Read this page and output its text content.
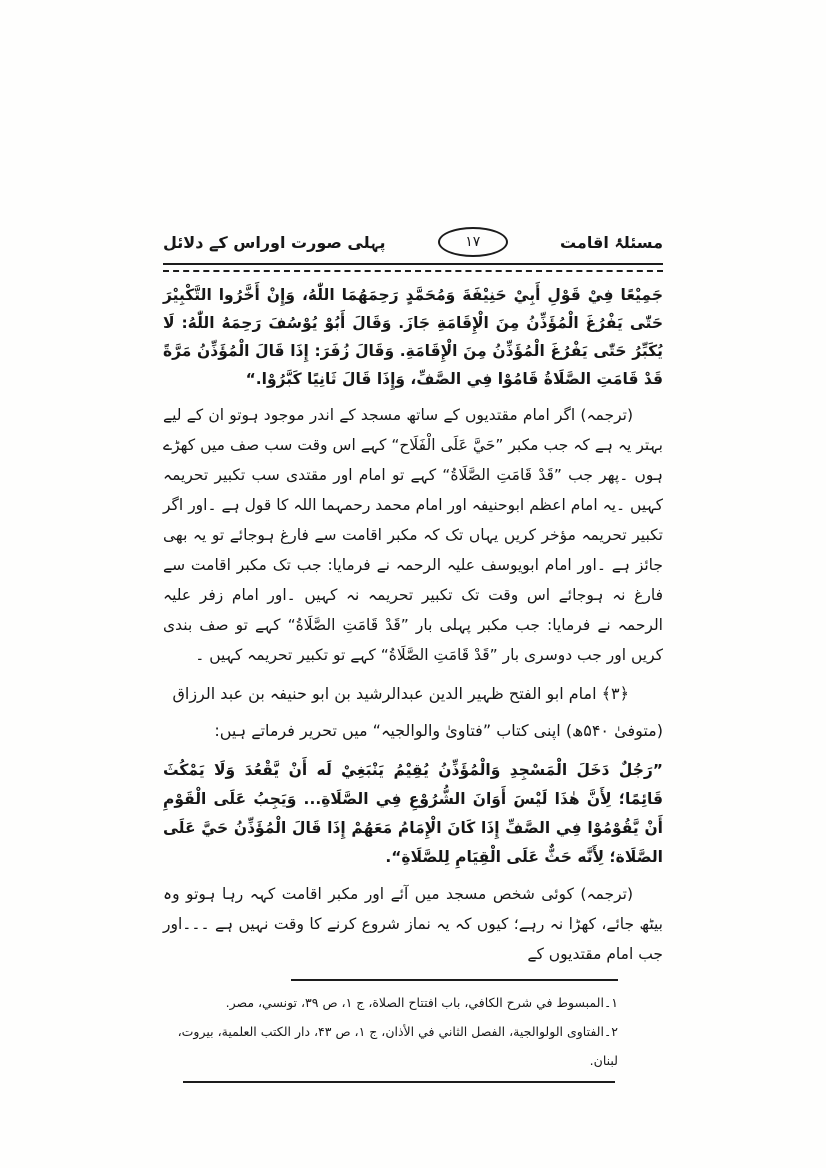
مسئلۂ اقامت
۱۷
پہلی صورت اوراس کے دلائل

جَمِيْعًا فِيْ قَوْلِ أَبِيْ حَنِيْفَةَ وَمُحَمَّدٍ رَحِمَهُمَا اللّٰهُ، وَإِنْ أَخَّرُوا التَّكْبِيْرَ حَتّٰى يَفْرُغَ الْمُؤَذِّنُ مِنَ الْإِقَامَةِ جَازَ. وَقَالَ أَبُوْ يُوْسُفَ رَحِمَهُ اللّٰهُ: لَا يُكَبِّرُ حَتّٰى يَفْرُغَ الْمُؤَذِّنُ مِنَ الْإِقَامَةِ. وَقَالَ زُفَرَ: إِذَا قَالَ الْمُؤَذِّنُ مَرَّةً قَدْ قَامَتِ الصَّلَاةُ قَامُوْا فِي الصَّفِّ، وَإِذَا قَالَ ثَانِيًا كَبَّرُوْا.“

(ترجمہ) اگر امام مقتدیوں کے ساتھ مسجد کے اندر موجود ہوتو ان کے لیے بہتر یہ ہے کہ جب مکبر ”حَيَّ عَلَى الْفَلَاح“ کہے اس وقت سب صف میں کھڑے ہوں ۔پھر جب ”قَدْ قَامَتِ الصَّلَاةُ“ کہے تو امام اور مقتدی سب تکبیر تحریمہ کہیں ۔یہ امام اعظم ابوحنیفہ اور امام محمد رحمہما اللہ کا قول ہے ۔اور اگر تکبیر تحریمہ مؤخر کریں یہاں تک کہ مکبر اقامت سے فارغ ہوجائے تو یہ بھی جائز ہے ۔اور امام ابویوسف علیہ الرحمہ نے فرمایا: جب تک مکبر اقامت سے فارغ نہ ہوجائے اس وقت تک تکبیر تحریمہ نہ کہیں ۔اور امام زفر علیہ الرحمہ نے فرمایا: جب مکبر پہلی بار ”قَدْ قَامَتِ الصَّلَاةُ“ کہے تو صف بندی کریں اور جب دوسری بار ”قَدْ قَامَتِ الصَّلَاةُ“ کہے تو تکبیر تحریمہ کہیں ۔

﴿۳﴾ امام ابو الفتح ظہیر الدین عبدالرشید بن ابو حنیفہ بن عبد الرزاق (متوفیٰ ۵۴۰ھ) اپنی کتاب ”فتاویٰ والوالجیہ“ میں تحریر فرماتے ہیں:

”رَجُلٌ دَخَلَ الْمَسْجِدِ وَالْمُؤَذِّنُ يُقِيْمُ يَنْبَغِيْ لَه أَنْ يَّقْعُدَ وَلَا يَمْكُثَ قَائِمًا؛ لِأَنَّ هٰذَا لَيْسَ أَوَانَ الشُّرُوْعِ فِي الصَّلَاةِ... وَيَجِبُ عَلَى الْقَوْمِ أَنْ يَّقُوْمُوْا فِي الصَّفِّ إِذَا كَانَ الْإِمَامُ مَعَهُمْ إِذَا قَالَ الْمُؤَذِّنُ حَيَّ عَلَى الصَّلَاة؛ لِأَنَّه حَثٌّ عَلَى الْقِيَامِ لِلصَّلَاةِ“.

(ترجمہ) کوئی شخص مسجد میں آئے اور مکبر اقامت کہہ رہا ہوتو وہ بیٹھ جائے، کھڑا نہ رہے؛ کیوں کہ یہ نماز شروع کرنے کا وقت نہیں ہے ۔۔۔اور جب امام مقتدیوں کے

۱۔المبسوط في شرح الكافي، باب افتتاح الصلاة، ج ۱، ص ۳۹، تونسي، مصر.

۲۔الفتاوى الولوالجية، الفصل الثاني في الأذان، ج ۱، ص ۴۳، دار الكتب العلمية، بيروت، لبنان.
